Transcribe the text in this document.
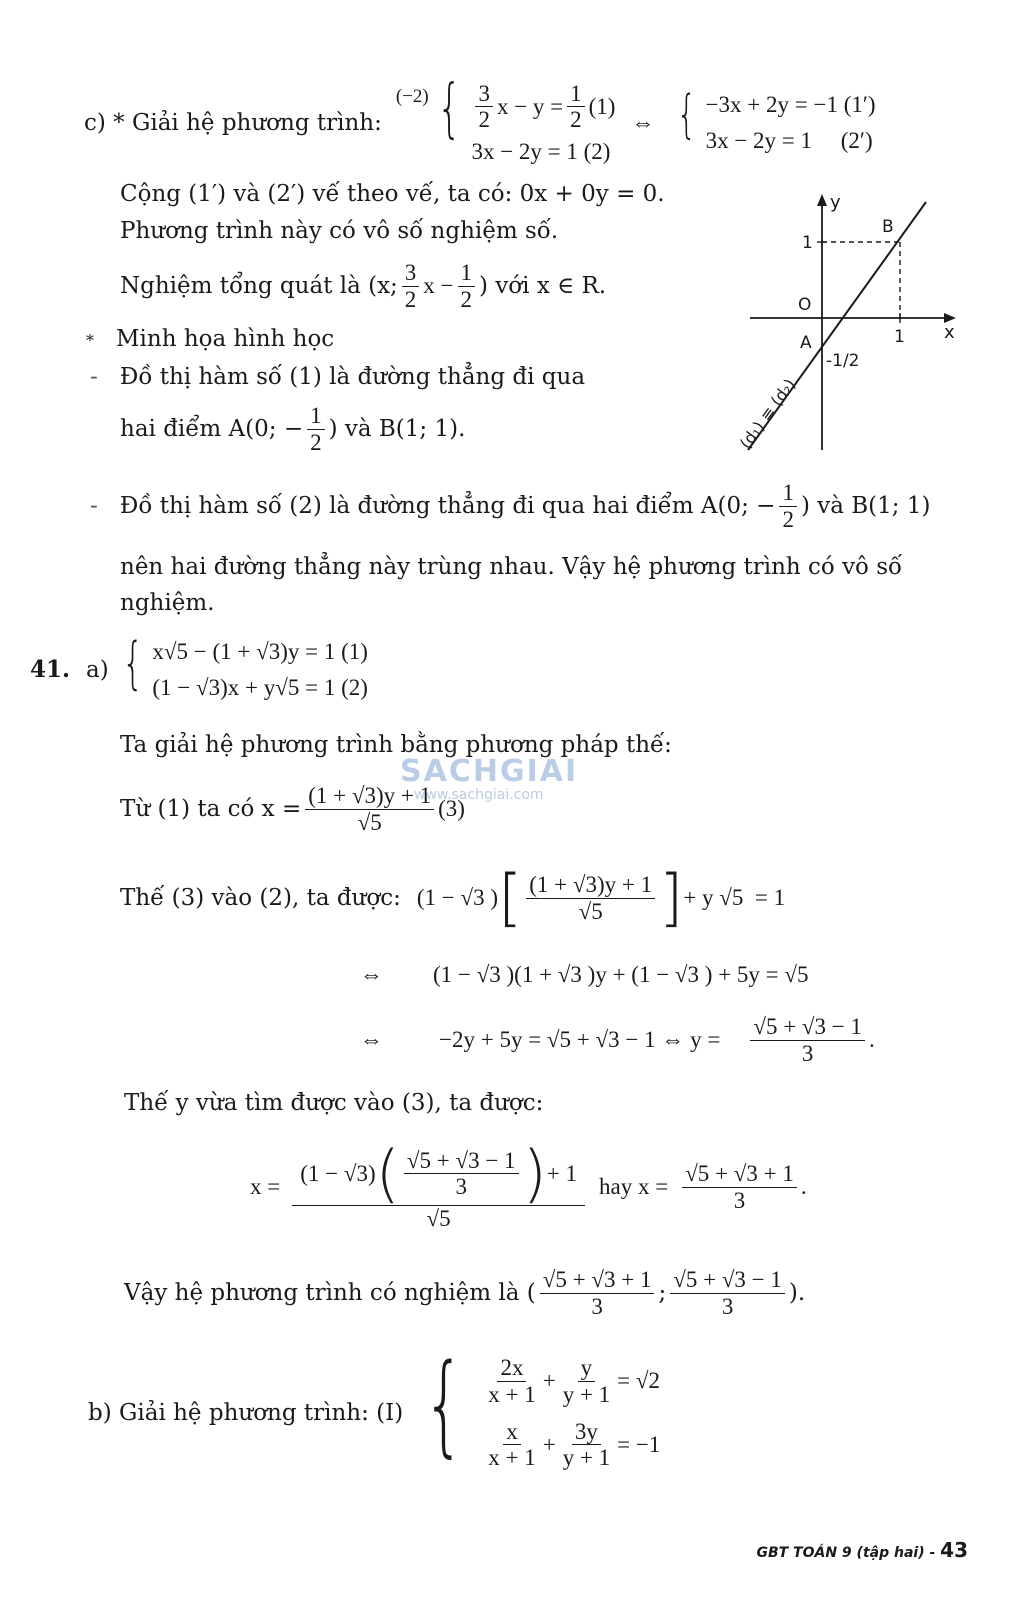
c) * Giải hệ phương trình:
(−2) { $\frac{3}{2}$ $x - y = \frac{1}{2} (1)$
3x − 2y = 1 (2)
⇔ { −3x + 2y = −1 (1′)
3x − 2y = 1     (2′)
Cộng (1′) và (2′) vế theo vế, ta có: 0x + 0y = 0.
Phương trình này có vô số nghiệm số.
Nghiệm tổng quát là (x; $\frac{3}{2}$ $x - \frac{1}{2}$ ) với x ∈ R.
* Minh họa hình học
- Đồ thị hàm số (1) là đường thẳng đi qua
hai điểm A(0; − $\frac{1}{2}$ ) và B(1; 1).
y
x
1
1
O
A
B
-1/2
(d₁) ≡ (d₂)
- Đồ thị hàm số (2) là đường thẳng đi qua hai điểm A(0; − $\frac{1}{2}$ ) và B(1; 1)
nên hai đường thẳng này trùng nhau. Vậy hệ phương trình có vô số
nghiệm.
41. a) { x√5 − (1 + √3)y = 1 (1)
(1 − √3)x + y√5 = 1 (2)
Ta giải hệ phương trình bằng phương pháp thế:
Từ (1) ta có $x = \frac{(1 + √3)y + 1}{√5} (3)$
SACHGIAI
www.sachgiai.com
Thế (3) vào (2), ta được: (1 − √3 ) [ $\frac{(1 + √3)y + 1}{√5}$ ] + y √5  = 1
⇔ (1 − √3 )(1 + √3 )y + (1 − √3 ) + 5y = √5
⇔ −2y + 5y = √5 + √3 − 1 ⇔ $y = \frac{√5 + √3 - 1}{3}$ .
Thế y vừa tìm được vào (3), ta được:
$x = \frac{(1 - √3) ( \frac{√5 + √3 - 1}{3} ) + 1}{√5}$ hay $x = \frac{√5 + √3 + 1}{3}$ .
Vậy hệ phương trình có nghiệm là ( $\frac{√5 + √3 + 1}{3}$ ; $\frac{√5 + √3 - 1}{3}$ ).
b) Giải hệ phương trình: (I) { $\frac{2x}{x + 1} + \frac{y}{y + 1} = √2$
$\frac{x}{x + 1} + \frac{3y}{y + 1} = -1$
GBT TOÁN 9 (tập hai) - 43
